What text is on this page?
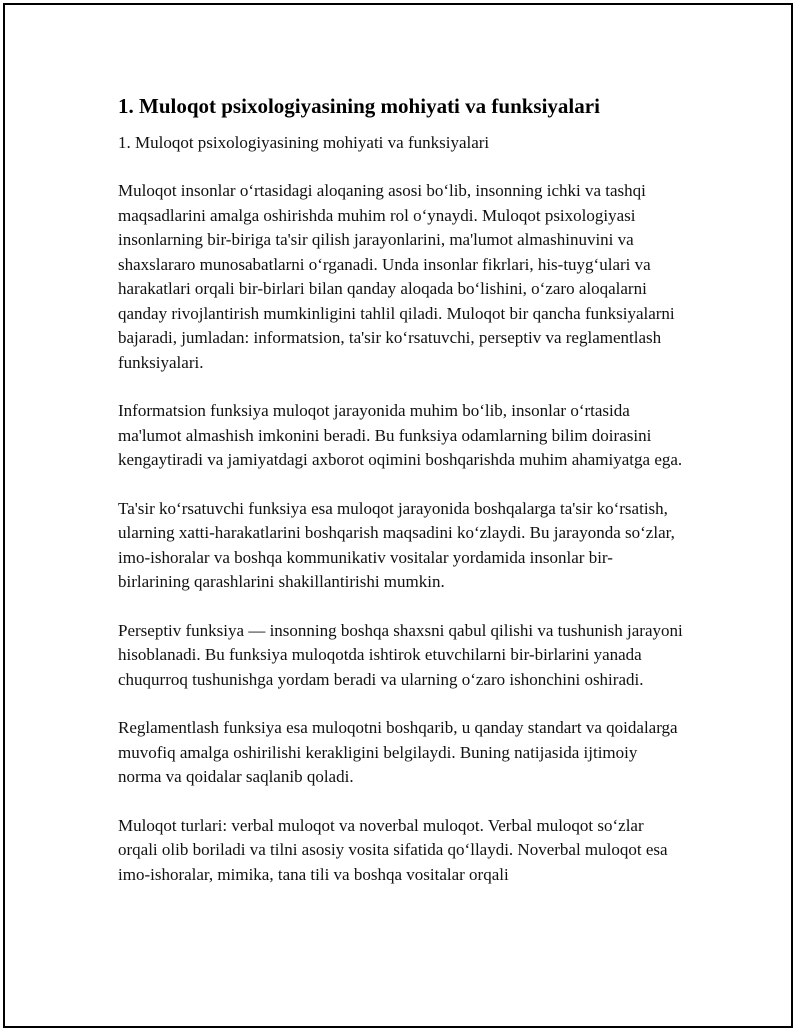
1. Muloqot psixologiyasining mohiyati va funksiyalari
1. Muloqot psixologiyasining mohiyati va funksiyalari

Muloqot insonlar o‘rtasidagi aloqaning asosi bo‘lib, insonning ichki va tashqi maqsadlarini amalga oshirishda muhim rol o‘ynaydi. Muloqot psixologiyasi insonlarning bir-biriga ta'sir qilish jarayonlarini, ma'lumot almashinuvini va shaxslararo munosabatlarni o‘rganadi. Unda insonlar fikrlari, his-tuyg‘ulari va harakatlari orqali bir-birlari bilan qanday aloqada bo‘lishini, o‘zaro aloqalarni qanday rivojlantirish mumkinligini tahlil qiladi. Muloqot bir qancha funksiyalarni bajaradi, jumladan: informatsion, ta'sir ko‘rsatuvchi, perseptiv va reglamentlash funksiyalari.

Informatsion funksiya muloqot jarayonida muhim bo‘lib, insonlar o‘rtasida ma'lumot almashish imkonini beradi. Bu funksiya odamlarning bilim doirasini kengaytiradi va jamiyatdagi axborot oqimini boshqarishda muhim ahamiyatga ega.

Ta'sir ko‘rsatuvchi funksiya esa muloqot jarayonida boshqalarga ta'sir ko‘rsatish, ularning xatti-harakatlarini boshqarish maqsadini ko‘zlaydi. Bu jarayonda so‘zlar, imo-ishoralar va boshqa kommunikativ vositalar yordamida insonlar bir-birlarining qarashlarini shakillantirishi mumkin.

Perseptiv funksiya — insonning boshqa shaxsni qabul qilishi va tushunish jarayoni hisoblanadi. Bu funksiya muloqotda ishtirok etuvchilarni bir-birlarini yanada chuqurroq tushunishga yordam beradi va ularning o‘zaro ishonchini oshiradi.

Reglamentlash funksiya esa muloqotni boshqarib, u qanday standart va qoidalarga muvofiq amalga oshirilishi kerakligini belgilaydi. Buning natijasida ijtimoiy norma va qoidalar saqlanib qoladi.

Muloqot turlari: verbal muloqot va noverbal muloqot. Verbal muloqot so‘zlar orqali olib boriladi va tilni asosiy vosita sifatida qo‘llaydi. Noverbal muloqot esa imo-ishoralar, mimika, tana tili va boshqa vositalar orqali
